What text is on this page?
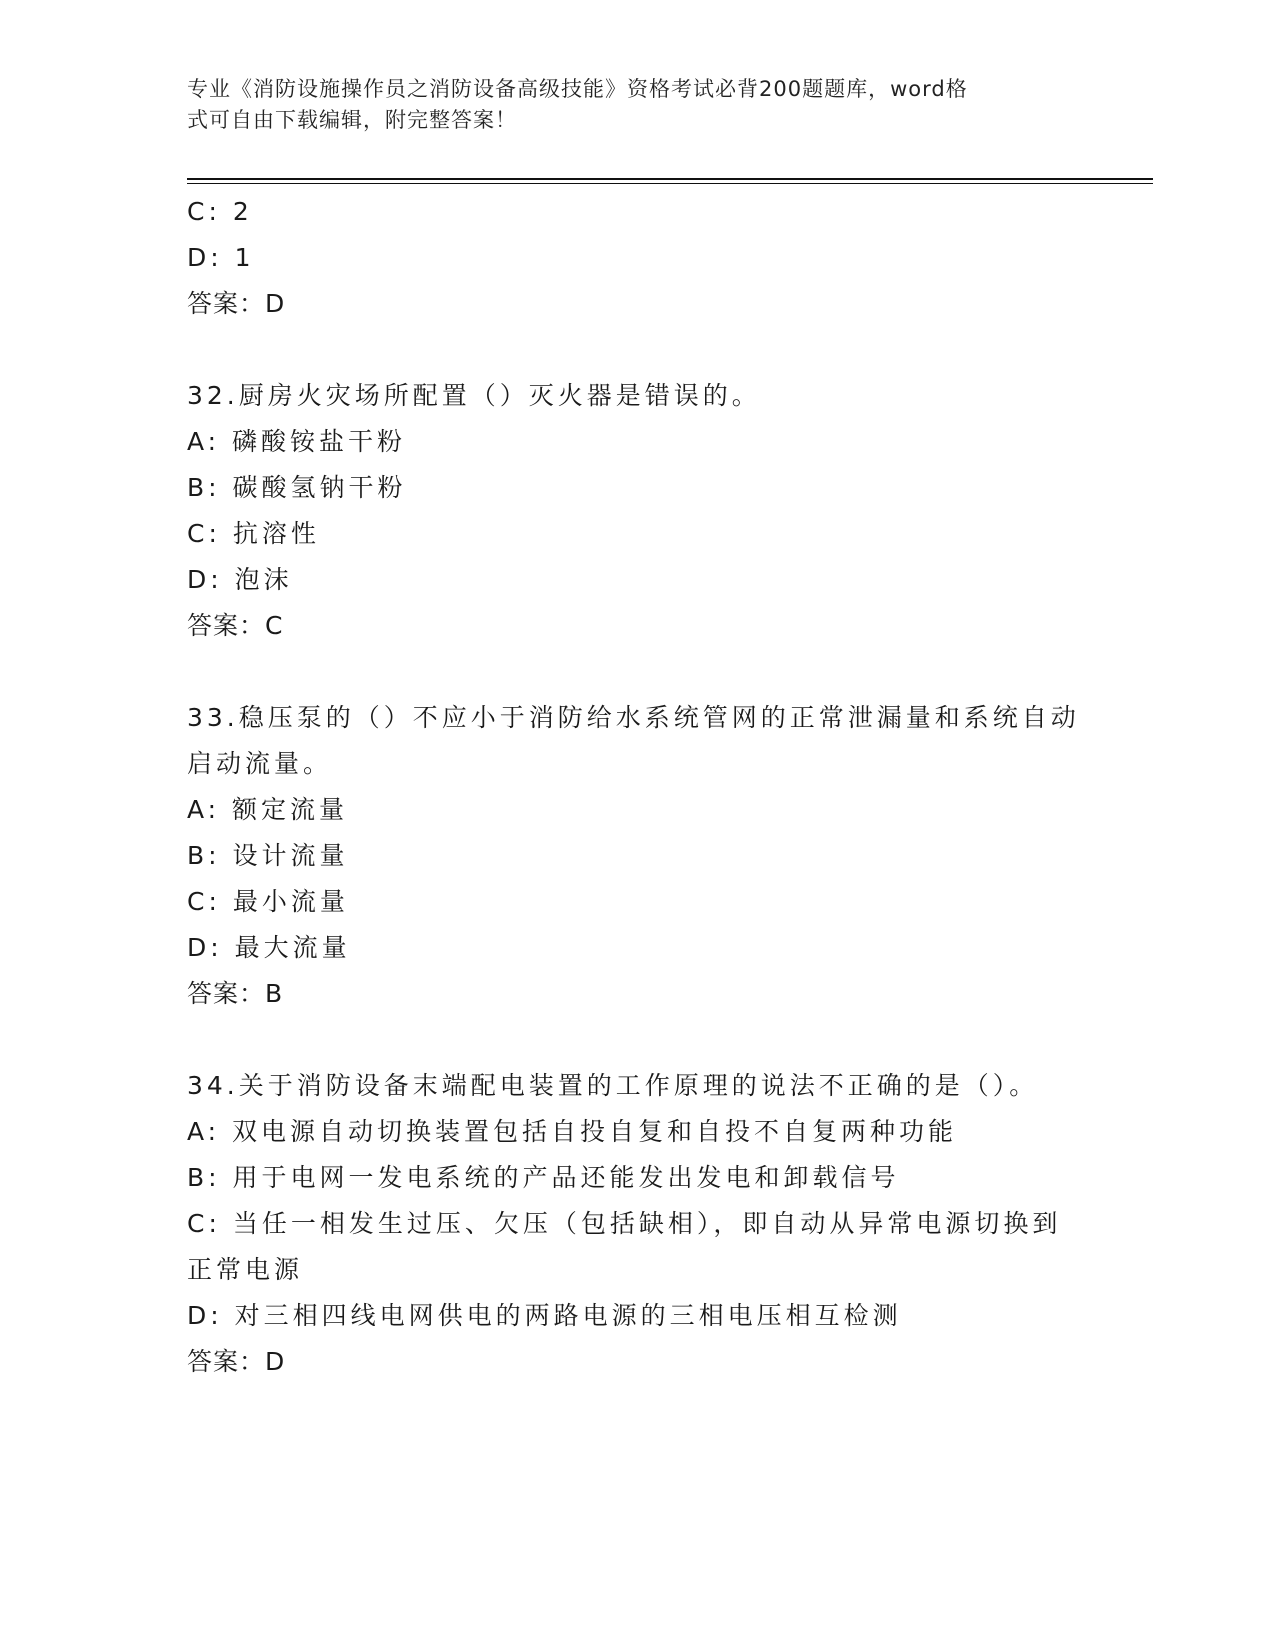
专业《消防设施操作员之消防设备高级技能》资格考试必背200题题库，word格
式可自由下载编辑，附完整答案！
C: 2
D: 1
答案：D
32.厨房火灾场所配置（）灭火器是错误的。
A: 磷酸铵盐干粉
B: 碳酸氢钠干粉
C: 抗溶性
D: 泡沫
答案：C
33.稳压泵的（）不应小于消防给水系统管网的正常泄漏量和系统自动
启动流量。
A: 额定流量
B: 设计流量
C: 最小流量
D: 最大流量
答案：B
34.关于消防设备末端配电装置的工作原理的说法不正确的是（）。
A: 双电源自动切换装置包括自投自复和自投不自复两种功能
B: 用于电网一发电系统的产品还能发出发电和卸载信号
C: 当任一相发生过压、欠压（包括缺相），即自动从异常电源切换到
正常电源
D: 对三相四线电网供电的两路电源的三相电压相互检测
答案：D
